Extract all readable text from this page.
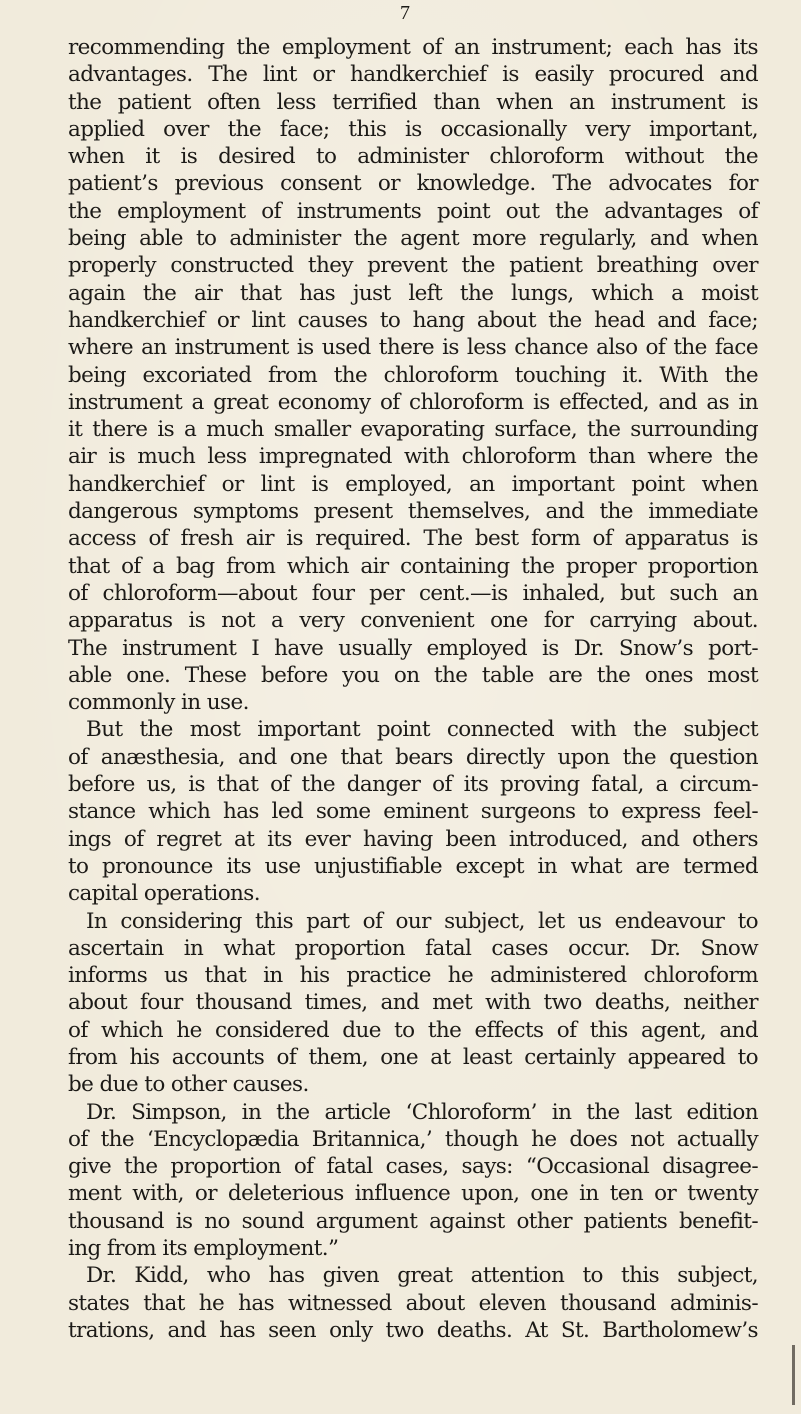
7
recommending the employment of an instrument; each has its
advantages. The lint or handkerchief is easily procured and
the patient often less terrified than when an instrument is
applied over the face; this is occasionally very important,
when it is desired to administer chloroform without the
patient’s previous consent or knowledge. The advocates for
the employment of instruments point out the advantages of
being able to administer the agent more regularly, and when
properly constructed they prevent the patient breathing over
again the air that has just left the lungs, which a moist
handkerchief or lint causes to hang about the head and face;
where an instrument is used there is less chance also of the face
being excoriated from the chloroform touching it. With the
instrument a great economy of chloroform is effected, and as in
it there is a much smaller evaporating surface, the surrounding
air is much less impregnated with chloroform than where the
handkerchief or lint is employed, an important point when
dangerous symptoms present themselves, and the immediate
access of fresh air is required. The best form of apparatus is
that of a bag from which air containing the proper proportion
of chloroform—about four per cent.—is inhaled, but such an
apparatus is not a very convenient one for carrying about.
The instrument I have usually employed is Dr. Snow’s port-
able one. These before you on the table are the ones most
commonly in use.
But the most important point connected with the subject
of anæsthesia, and one that bears directly upon the question
before us, is that of the danger of its proving fatal, a circum-
stance which has led some eminent surgeons to express feel-
ings of regret at its ever having been introduced, and others
to pronounce its use unjustifiable except in what are termed
capital operations.
In considering this part of our subject, let us endeavour to
ascertain in what proportion fatal cases occur. Dr. Snow
informs us that in his practice he administered chloroform
about four thousand times, and met with two deaths, neither
of which he considered due to the effects of this agent, and
from his accounts of them, one at least certainly appeared to
be due to other causes.
Dr. Simpson, in the article ‘Chloroform’ in the last edition
of the ‘Encyclopædia Britannica,’ though he does not actually
give the proportion of fatal cases, says: “Occasional disagree-
ment with, or deleterious influence upon, one in ten or twenty
thousand is no sound argument against other patients benefit-
ing from its employment.”
Dr. Kidd, who has given great attention to this subject,
states that he has witnessed about eleven thousand adminis-
trations, and has seen only two deaths. At St. Bartholomew’s
